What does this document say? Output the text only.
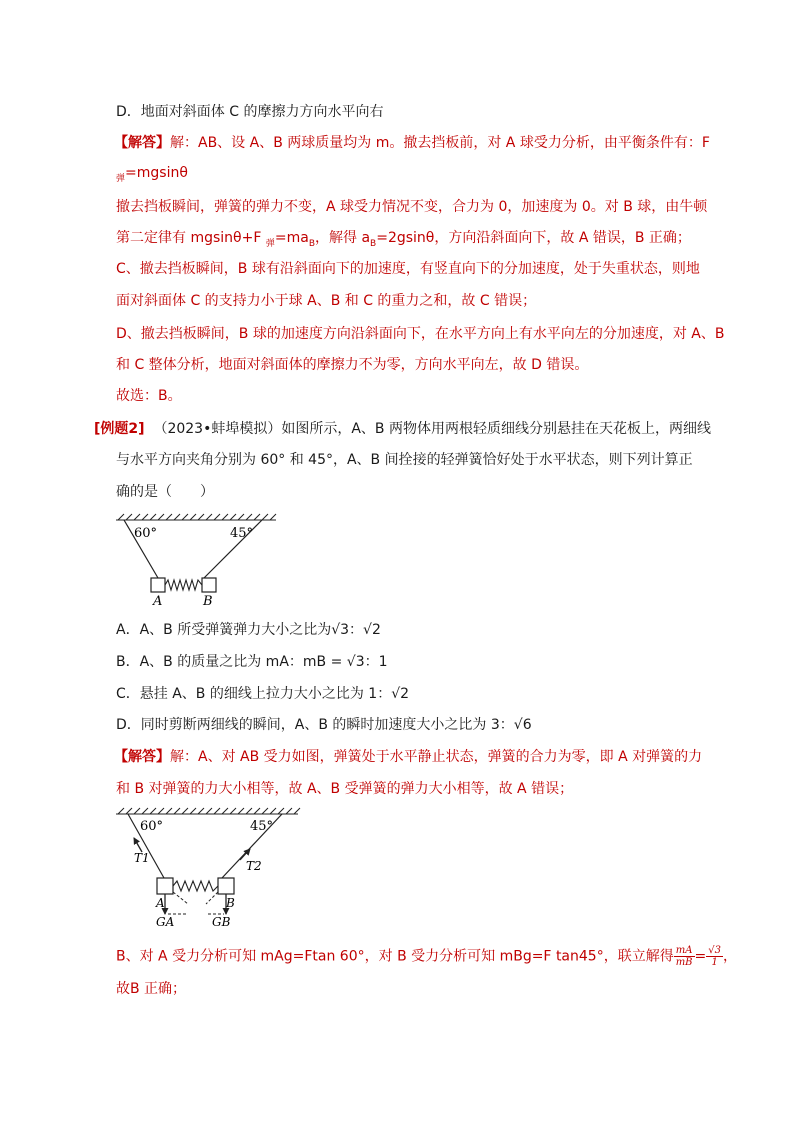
D．地面对斜面体 C 的摩擦力方向水平向右
【解答】解：AB、设 A、B 两球质量均为 m。撤去挡板前，对 A 球受力分析，由平衡条件有：F
$_弹$=mgsinθ
撤去挡板瞬间，弹簧的弹力不变，A 球受力情况不变，合力为 0，加速度为 0。对 B 球，由牛顿
第二定律有 mgsinθ+F $_弹=ma_B$，解得 $a_B=2gsin\theta$，方向沿斜面向下，故 A 错误，B 正确；
C、撤去挡板瞬间，B 球有沿斜面向下的加速度，有竖直向下的分加速度，处于失重状态，则地
面对斜面体 C 的支持力小于球 A、B 和 C 的重力之和，故 C 错误；
D、撤去挡板瞬间，B 球的加速度方向沿斜面向下，在水平方向上有水平向左的分加速度，对 A、B
和 C 整体分析，地面对斜面体的摩擦力不为零，方向水平向左，故 D 错误。
故选：B。
[例题2] （2023•蚌埠模拟）如图所示，A、B 两物体用两根轻质细线分别悬挂在天花板上，两细线
与水平方向夹角分别为 60° 和 45°，A、B 间拴接的轻弹簧恰好处于水平状态，则下列计算正
确的是（　　）
60°	45°
A	B
A．A、B 所受弹簧弹力大小之比为√3：√2
B．A、B 的质量之比为 mA：mB = √3：1
C．悬挂 A、B 的细线上拉力大小之比为 1：√2
D．同时剪断两细线的瞬间，A、B 的瞬时加速度大小之比为 3：√6
【解答】解：A、对 AB 受力如图，弹簧处于水平静止状态，弹簧的合力为零，即 A 对弹簧的力
和 B 对弹簧的力大小相等，故 A、B 受弹簧的弹力大小相等，故 A 错误；
60°	45°
T1
T2
A	B
GA	GB
B、对 A 受力分析可知 mAg=Ftan 60°，对 B 受力分析可知 mBg=F tan45°，联立解得 $\frac{mA}{mB} = \frac{√3}{1}$ ，
故B 正确；
